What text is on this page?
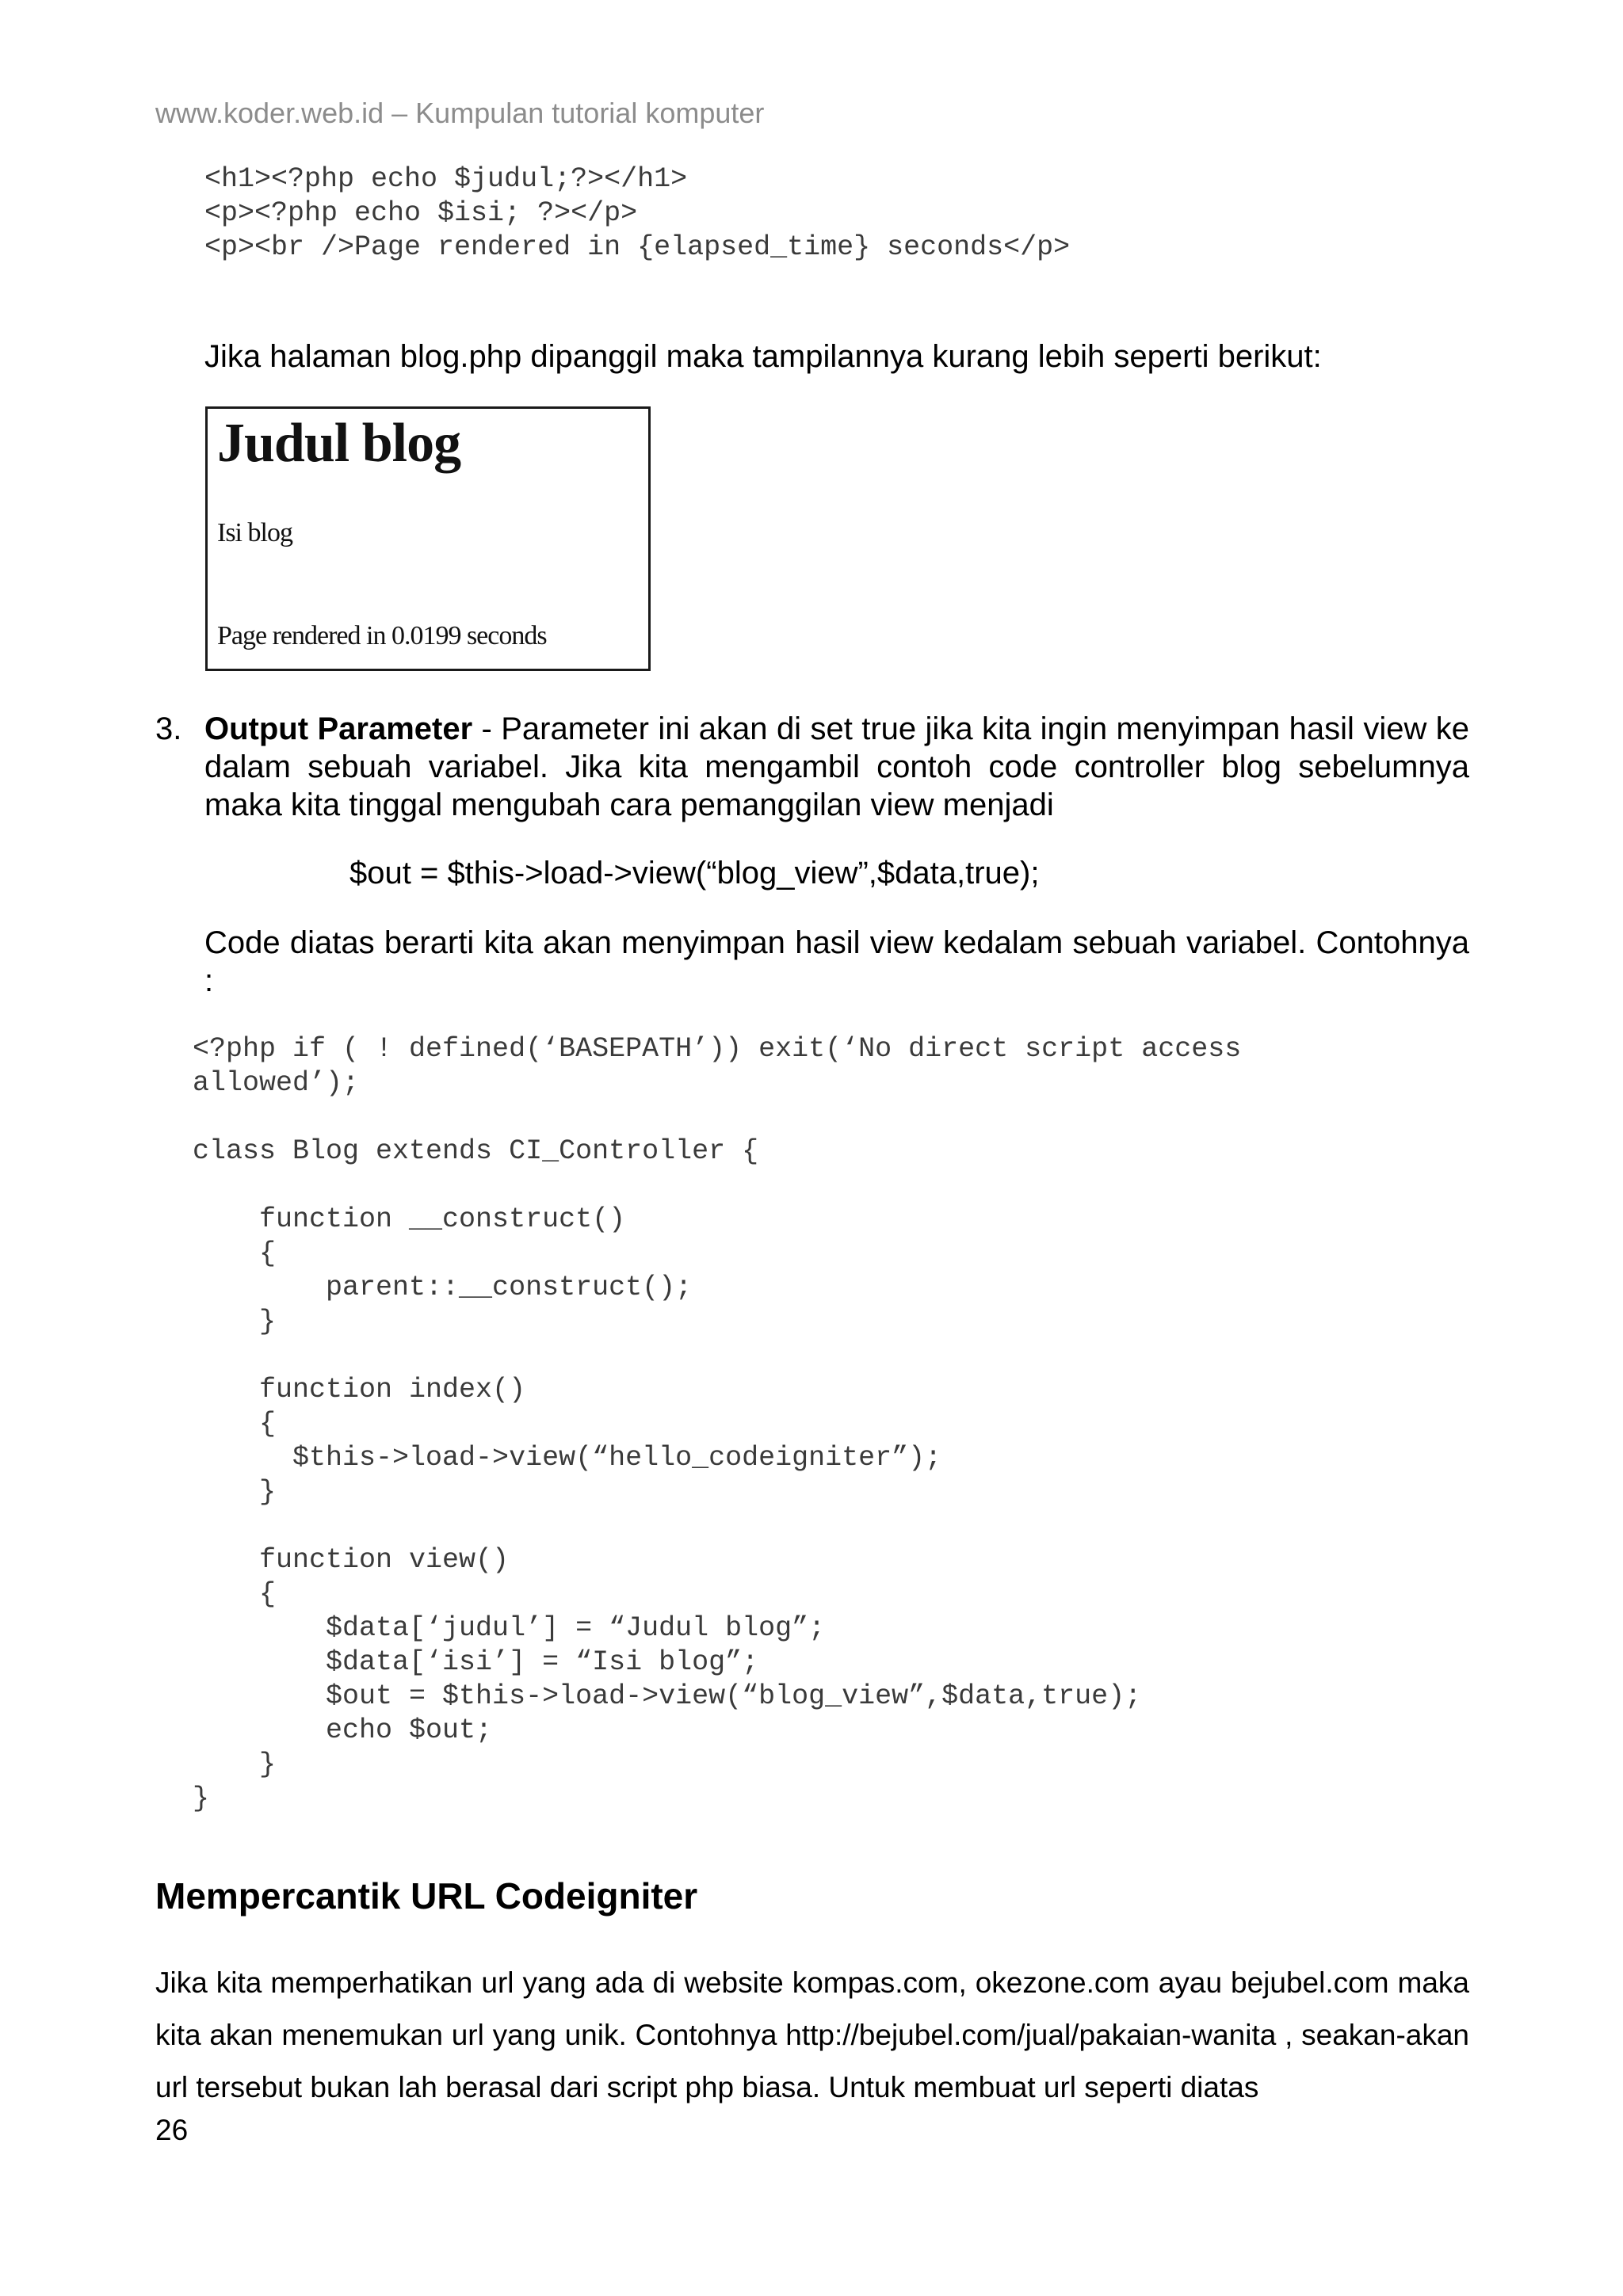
www.koder.web.id – Kumpulan tutorial komputer
<h1><?php echo $judul;?></h1>
<p><?php echo $isi; ?></p>
<p><br />Page rendered in {elapsed_time} seconds</p>
Jika halaman blog.php dipanggil maka tampilannya kurang lebih seperti berikut:
Judul blog
Isi blog
Page rendered in 0.0199 seconds
3. Output Parameter - Parameter ini akan di set true jika kita ingin menyimpan hasil view ke dalam sebuah variabel. Jika kita mengambil contoh code controller blog sebelumnya maka kita tinggal mengubah cara pemanggilan view menjadi
$out = $this->load->view(“blog_view”,$data,true);
Code diatas berarti kita akan menyimpan hasil view kedalam sebuah variabel. Contohnya :
<?php if ( ! defined(‘BASEPATH’)) exit(‘No direct script access
allowed’);

class Blog extends CI_Controller {

function __construct()
{
parent::__construct();
}

function index()
{
$this->load->view(“hello_codeigniter”);
}

function view()
{
$data[‘judul’] = “Judul blog”;
$data[‘isi’] = “Isi blog”;
$out = $this->load->view(“blog_view”,$data,true);
echo $out;
}
}
Mempercantik URL Codeigniter
Jika kita memperhatikan url yang ada di website kompas.com, okezone.com ayau bejubel.com maka kita akan menemukan url yang unik. Contohnya http://bejubel.com/jual/pakaian-wanita , seakan-akan url tersebut bukan lah berasal dari script php biasa. Untuk membuat url seperti diatas
26
